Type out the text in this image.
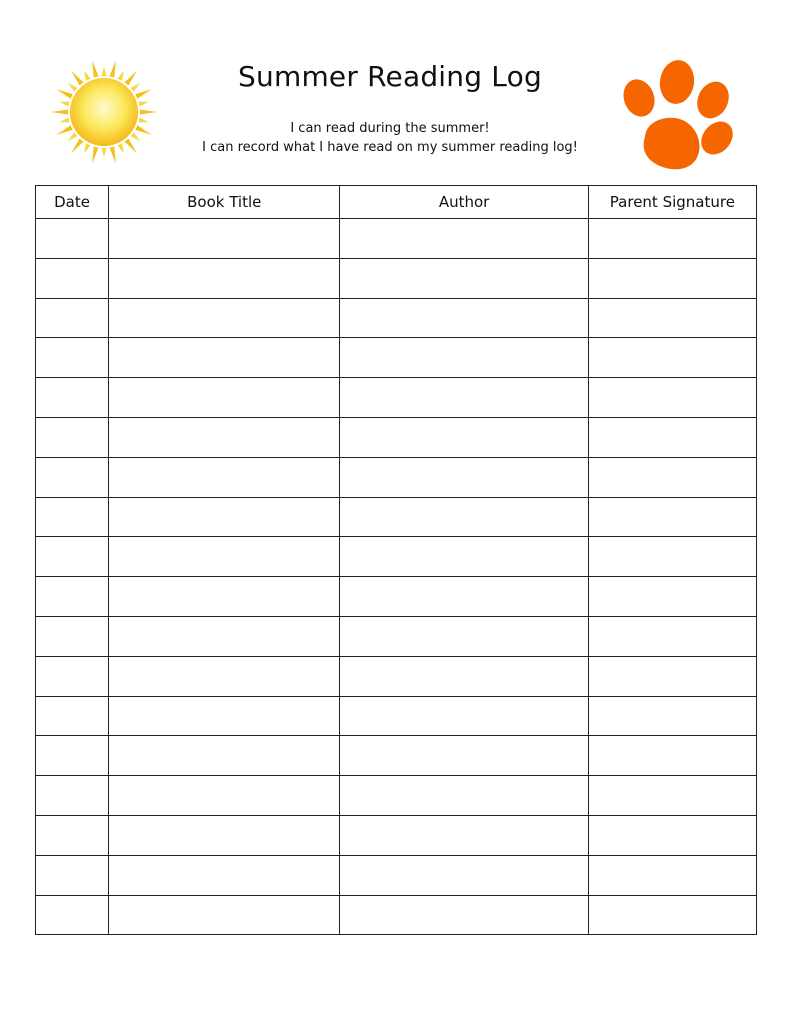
Summer Reading Log

I can read during the summer!

I can record what I have read on my summer reading log!

Date	Book Title	Author	Parent Signature
